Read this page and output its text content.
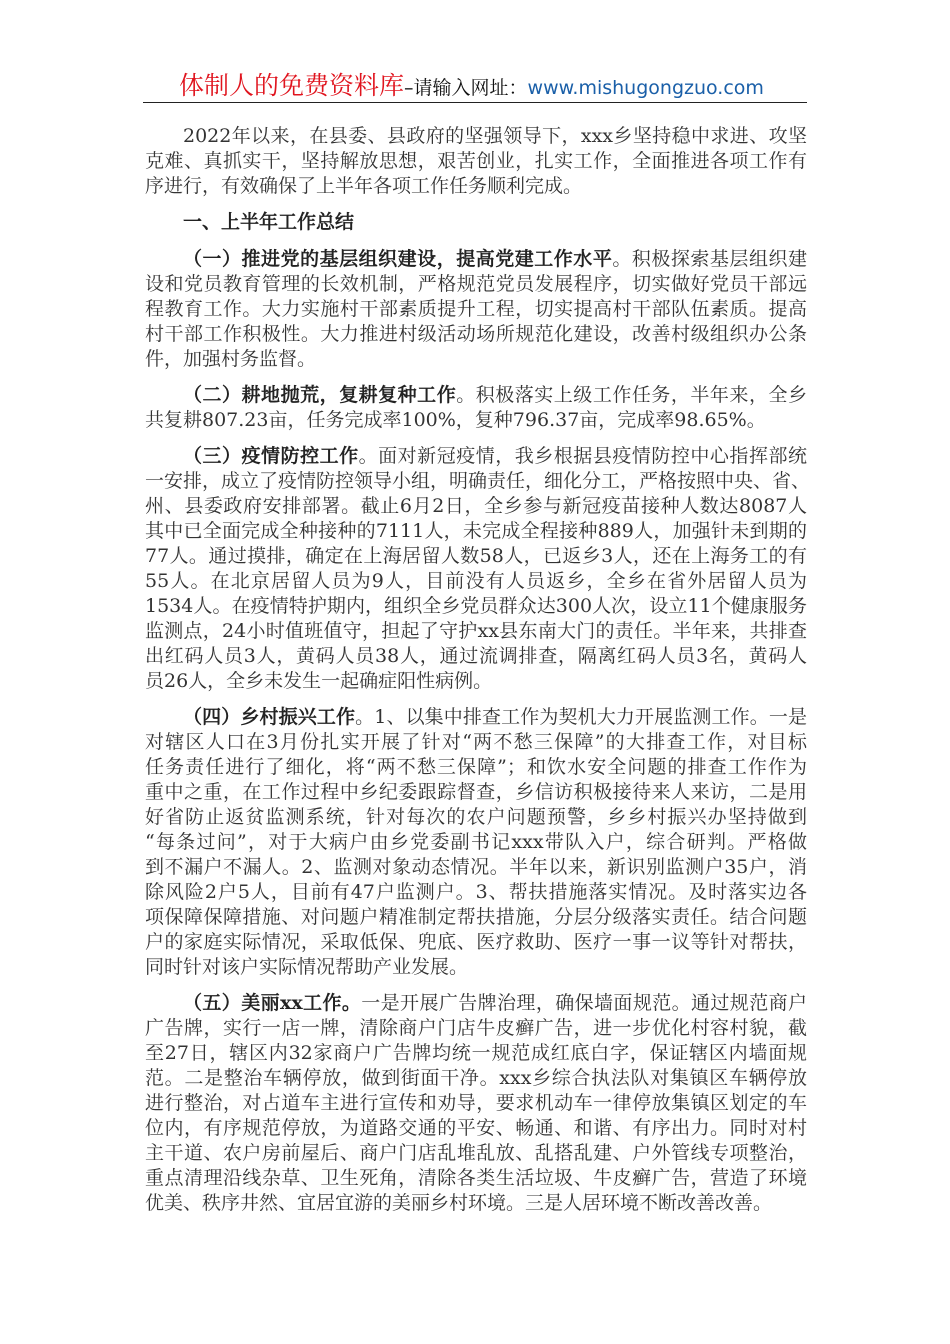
体制人的免费资料库–请输入网址：www.mishugongzuo.com
2022年以来，在县委、县政府的坚强领导下，xxx乡坚持稳中求进、攻坚
克难、真抓实干，坚持解放思想，艰苦创业，扎实工作，全面推进各项工作有
序进行，有效确保了上半年各项工作任务顺利完成。
一、上半年工作总结
（一）推进党的基层组织建设，提高党建工作水平。积极探索基层组织建
设和党员教育管理的长效机制，严格规范党员发展程序，切实做好党员干部远
程教育工作。大力实施村干部素质提升工程，切实提高村干部队伍素质。提高
村干部工作积极性。大力推进村级活动场所规范化建设，改善村级组织办公条
件，加强村务监督。
（二）耕地抛荒，复耕复种工作。积极落实上级工作任务，半年来，全乡
共复耕807.23亩，任务完成率100%，复种796.37亩，完成率98.65%。
（三）疫情防控工作。面对新冠疫情，我乡根据县疫情防控中心指挥部统
一安排，成立了疫情防控领导小组，明确责任，细化分工，严格按照中央、省、
州、县委政府安排部署。截止6月2日，全乡参与新冠疫苗接种人数达8087人
其中已全面完成全种接种的7111人，未完成全程接种889人，加强针未到期的
77人。通过摸排，确定在上海居留人数58人，已返乡3人，还在上海务工的有
55人。在北京居留人员为9人，目前没有人员返乡，全乡在省外居留人员为
1534人。在疫情特护期内，组织全乡党员群众达300人次，设立11个健康服务
监测点，24小时值班值守，担起了守护xx县东南大门的责任。半年来，共排查
出红码人员3人，黄码人员38人，通过流调排查，隔离红码人员3名，黄码人
员26人，全乡未发生一起确症阳性病例。
（四）乡村振兴工作。1、以集中排查工作为契机大力开展监测工作。一是
对辖区人口在3月份扎实开展了针对“两不愁三保障”的大排查工作，对目标
任务责任进行了细化，将“两不愁三保障”；和饮水安全问题的排查工作作为
重中之重，在工作过程中乡纪委跟踪督查，乡信访积极接待来人来访，二是用
好省防止返贫监测系统，针对每次的农户问题预警，乡乡村振兴办坚持做到
“每条过问”，对于大病户由乡党委副书记xxx带队入户，综合研判。严格做
到不漏户不漏人。2、监测对象动态情况。半年以来，新识别监测户35户，消
除风险2户5人，目前有47户监测户。3、帮扶措施落实情况。及时落实边各
项保障保障措施、对问题户精准制定帮扶措施，分层分级落实责任。结合问题
户的家庭实际情况，采取低保、兜底、医疗救助、医疗一事一议等针对帮扶，
同时针对该户实际情况帮助产业发展。
（五）美丽xx工作。一是开展广告牌治理，确保墙面规范。通过规范商户
广告牌，实行一店一牌，清除商户门店牛皮癣广告，进一步优化村容村貌，截
至27日，辖区内32家商户广告牌均统一规范成红底白字，保证辖区内墙面规
范。二是整治车辆停放，做到街面干净。xxx乡综合执法队对集镇区车辆停放
进行整治，对占道车主进行宣传和劝导，要求机动车一律停放集镇区划定的车
位内，有序规范停放，为道路交通的平安、畅通、和谐、有序出力。同时对村
主干道、农户房前屋后、商户门店乱堆乱放、乱搭乱建、户外管线专项整治，
重点清理沿线杂草、卫生死角，清除各类生活垃圾、牛皮癣广告，营造了环境
优美、秩序井然、宜居宜游的美丽乡村环境。三是人居环境不断改善改善。
